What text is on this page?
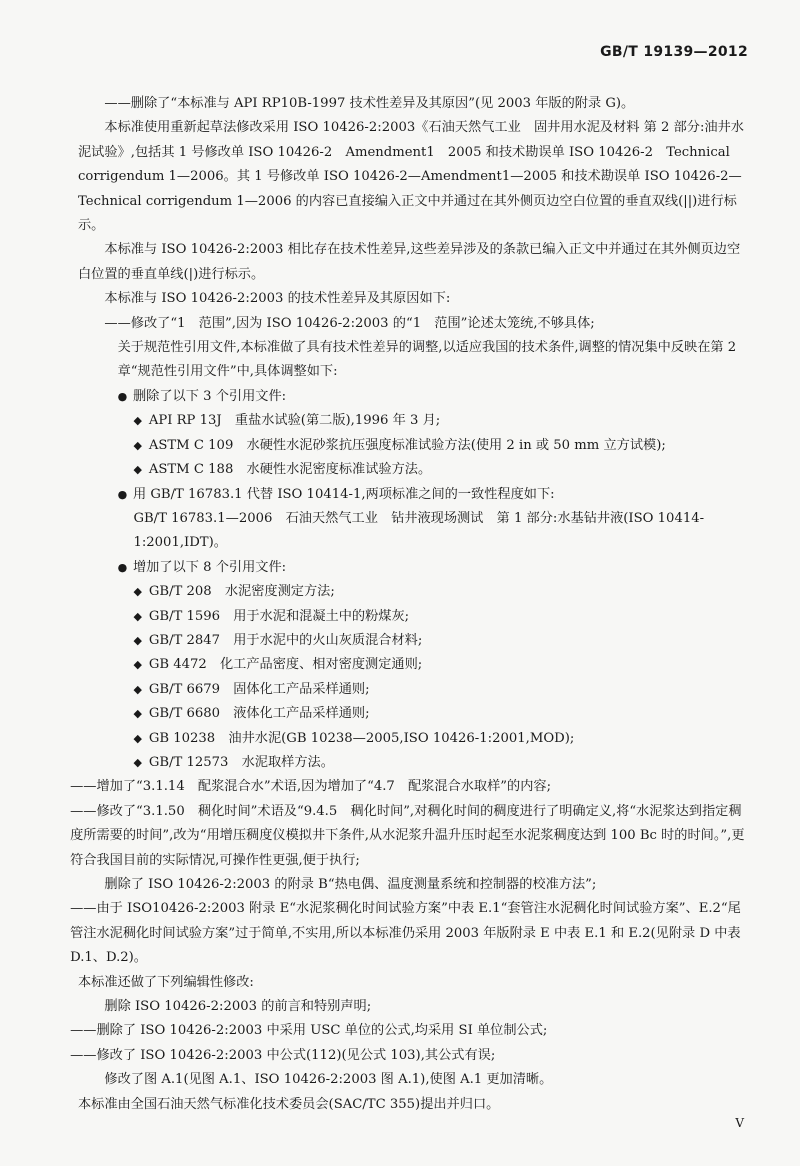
GB/T 19139—2012

——删除了“本标准与 API RP10B-1997 技术性差异及其原因”(见 2003 年版的附录 G)。

本标准使用重新起草法修改采用 ISO 10426-2:2003《石油天然气工业　固井用水泥及材料 第 2 部分:油井水泥试验》,包括其 1 号修改单 ISO 10426-2　Amendment1　2005 和技术勘误单 ISO 10426-2　Technical corrigendum 1—2006。其 1 号修改单 ISO 10426-2—Amendment1—2005 和技术勘误单 ISO 10426-2—Technical corrigendum 1—2006 的内容已直接编入正文中并通过在其外侧页边空白位置的垂直双线(||)进行标示。

本标准与 ISO 10426-2:2003 相比存在技术性差异,这些差异涉及的条款已编入正文中并通过在其外侧页边空白位置的垂直单线(|)进行标示。

本标准与 ISO 10426-2:2003 的技术性差异及其原因如下:

——修改了“1　范围”,因为 ISO 10426-2:2003 的“1　范围”论述太笼统,不够具体;

关于规范性引用文件,本标准做了具有技术性差异的调整,以适应我国的技术条件,调整的情况集中反映在第 2 章“规范性引用文件”中,具体调整如下:

● 删除了以下 3 个引用文件:
◆ API RP 13J　重盐水试验(第二版),1996 年 3 月;
◆ ASTM C 109　水硬性水泥砂浆抗压强度标准试验方法(使用 2 in 或 50 mm 立方试模);
◆ ASTM C 188　水硬性水泥密度标准试验方法。
● 用 GB/T 16783.1 代替 ISO 10414-1,两项标准之间的一致性程度如下:

GB/T 16783.1—2006　石油天然气工业　钻井液现场测试　第 1 部分:水基钻井液(ISO 10414-1:2001,IDT)。

● 增加了以下 8 个引用文件:
◆ GB/T 208　水泥密度测定方法;
◆ GB/T 1596　用于水泥和混凝土中的粉煤灰;
◆ GB/T 2847　用于水泥中的火山灰质混合材料;
◆ GB 4472　化工产品密度、相对密度测定通则;
◆ GB/T 6679　固体化工产品采样通则;
◆ GB/T 6680　液体化工产品采样通则;
◆ GB 10238　油井水泥(GB 10238—2005,ISO 10426-1:2001,MOD);
◆ GB/T 12573　水泥取样方法。

——增加了“3.1.14　配浆混合水”术语,因为增加了“4.7　配浆混合水取样”的内容;

——修改了“3.1.50　稠化时间”术语及“9.4.5　稠化时间”,对稠化时间的稠度进行了明确定义,将“水泥浆达到指定稠度所需要的时间”,改为“用增压稠度仪模拟井下条件,从水泥浆升温升压时起至水泥浆稠度达到 100 Bc 时的时间。”,更符合我国目前的实际情况,可操作性更强,便于执行;

删除了 ISO 10426-2:2003 的附录 B“热电偶、温度测量系统和控制器的校准方法”;

——由于 ISO10426-2:2003 附录 E“水泥浆稠化时间试验方案”中表 E.1“套管注水泥稠化时间试验方案”、E.2“尾管注水泥稠化时间试验方案”过于简单,不实用,所以本标准仍采用 2003 年版附录 E 中表 E.1 和 E.2(见附录 D 中表 D.1、D.2)。

本标准还做了下列编辑性修改:

删除 ISO 10426-2:2003 的前言和特别声明;

——删除了 ISO 10426-2:2003 中采用 USC 单位的公式,均采用 SI 单位制公式;

——修改了 ISO 10426-2:2003 中公式(112)(见公式 103),其公式有误;

修改了图 A.1(见图 A.1、ISO 10426-2:2003 图 A.1),使图 A.1 更加清晰。

本标准由全国石油天然气标准化技术委员会(SAC/TC 355)提出并归口。

V
